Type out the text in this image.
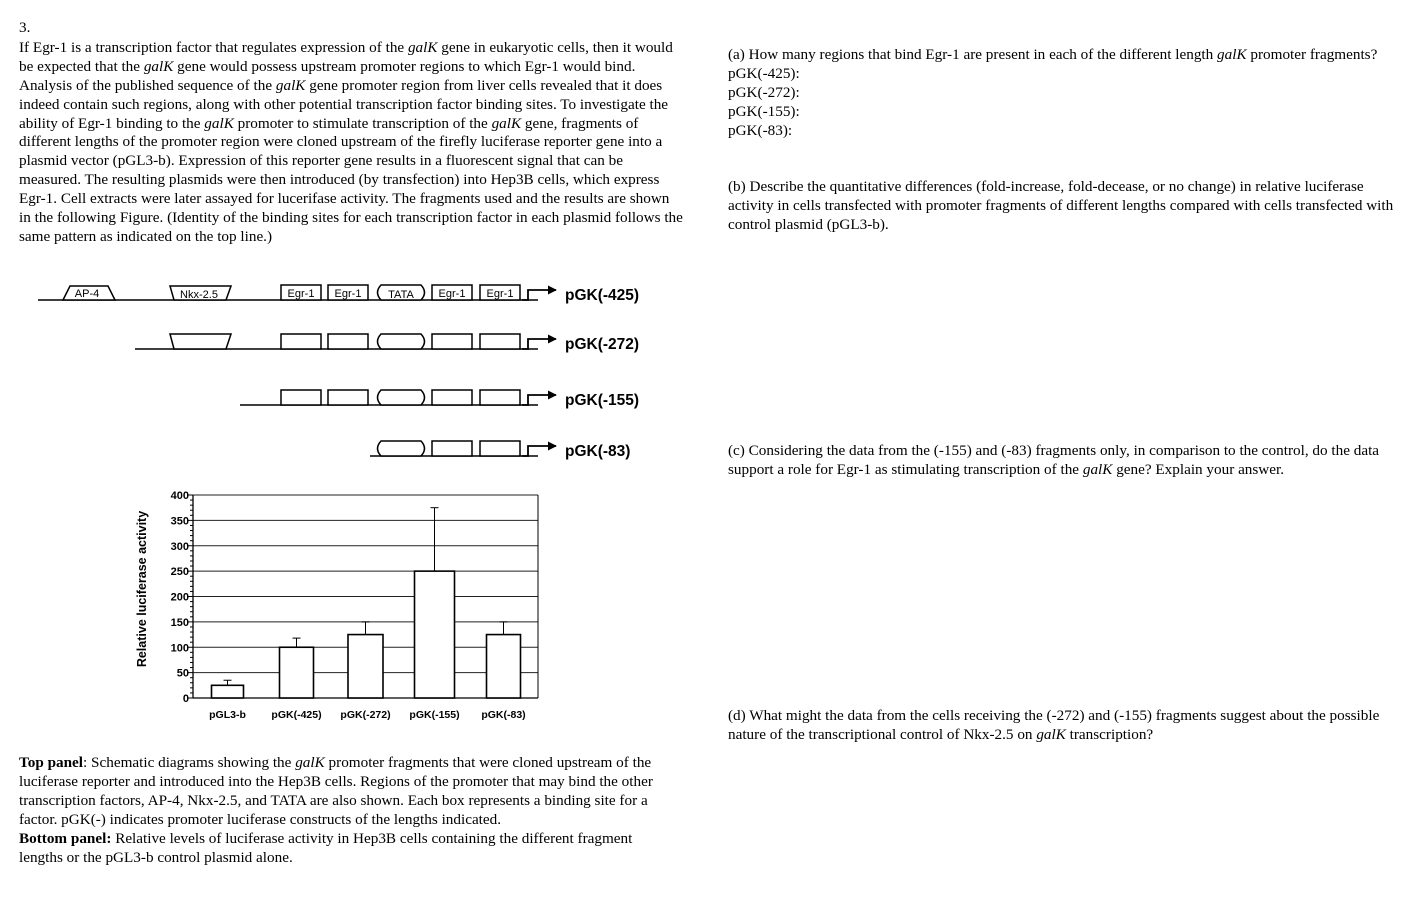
3.

If Egr-1 is a transcription factor that regulates expression of the galK gene in eukaryotic cells, then it would be expected that the galK gene would possess upstream promoter regions to which Egr-1 would bind. Analysis of the published sequence of the galK gene promoter region from liver cells revealed that it does indeed contain such regions, along with other potential transcription factor binding sites. To investigate the ability of Egr-1 binding to the galK promoter to stimulate transcription of the galK gene, fragments of different lengths of the promoter region were cloned upstream of the firefly luciferase reporter gene into a plasmid vector (pGL3-b). Expression of this reporter gene results in a fluorescent signal that can be measured. The resulting plasmids were then introduced (by transfection) into Hep3B cells, which express Egr-1. Cell extracts were later assayed for lucerifase activity. The fragments used and the results are shown in the following Figure. (Identity of the binding sites for each transcription factor in each plasmid follows the same pattern as indicated on the top line.)

AP-4	Nkx-2.5	Egr-1 Egr-1 TATA Egr-1 Egr-1	pGK(-425)
pGK(-272)
pGK(-155)
pGK(-83)
Relative luciferase activity
0
50
100
150
200
250
300
350
400
pGL3-b pGK(-425) pGK(-272) pGK(-155) pGK(-83)

Top panel: Schematic diagrams showing the galK promoter fragments that were cloned upstream of the luciferase reporter and introduced into the Hep3B cells. Regions of the promoter that may bind the other transcription factors, AP-4, Nkx-2.5, and TATA are also shown. Each box represents a binding site for a factor. pGK(-) indicates promoter luciferase constructs of the lengths indicated.

Bottom panel: Relative levels of luciferase activity in Hep3B cells containing the different fragment lengths or the pGL3-b control plasmid alone.

(a) How many regions that bind Egr-1 are present in each of the different length galK promoter fragments?

pGK(-425):
pGK(-272):
pGK(-155):
pGK(-83):

(b) Describe the quantitative differences (fold-increase, fold-decease, or no change) in relative luciferase activity in cells transfected with promoter fragments of different lengths compared with cells transfected with control plasmid (pGL3-b).

(c) Considering the data from the (-155) and (-83) fragments only, in comparison to the control, do the data support a role for Egr-1 as stimulating transcription of the galK gene? Explain your answer.

(d) What might the data from the cells receiving the (-272) and (-155) fragments suggest about the possible nature of the transcriptional control of Nkx-2.5 on galK transcription?
